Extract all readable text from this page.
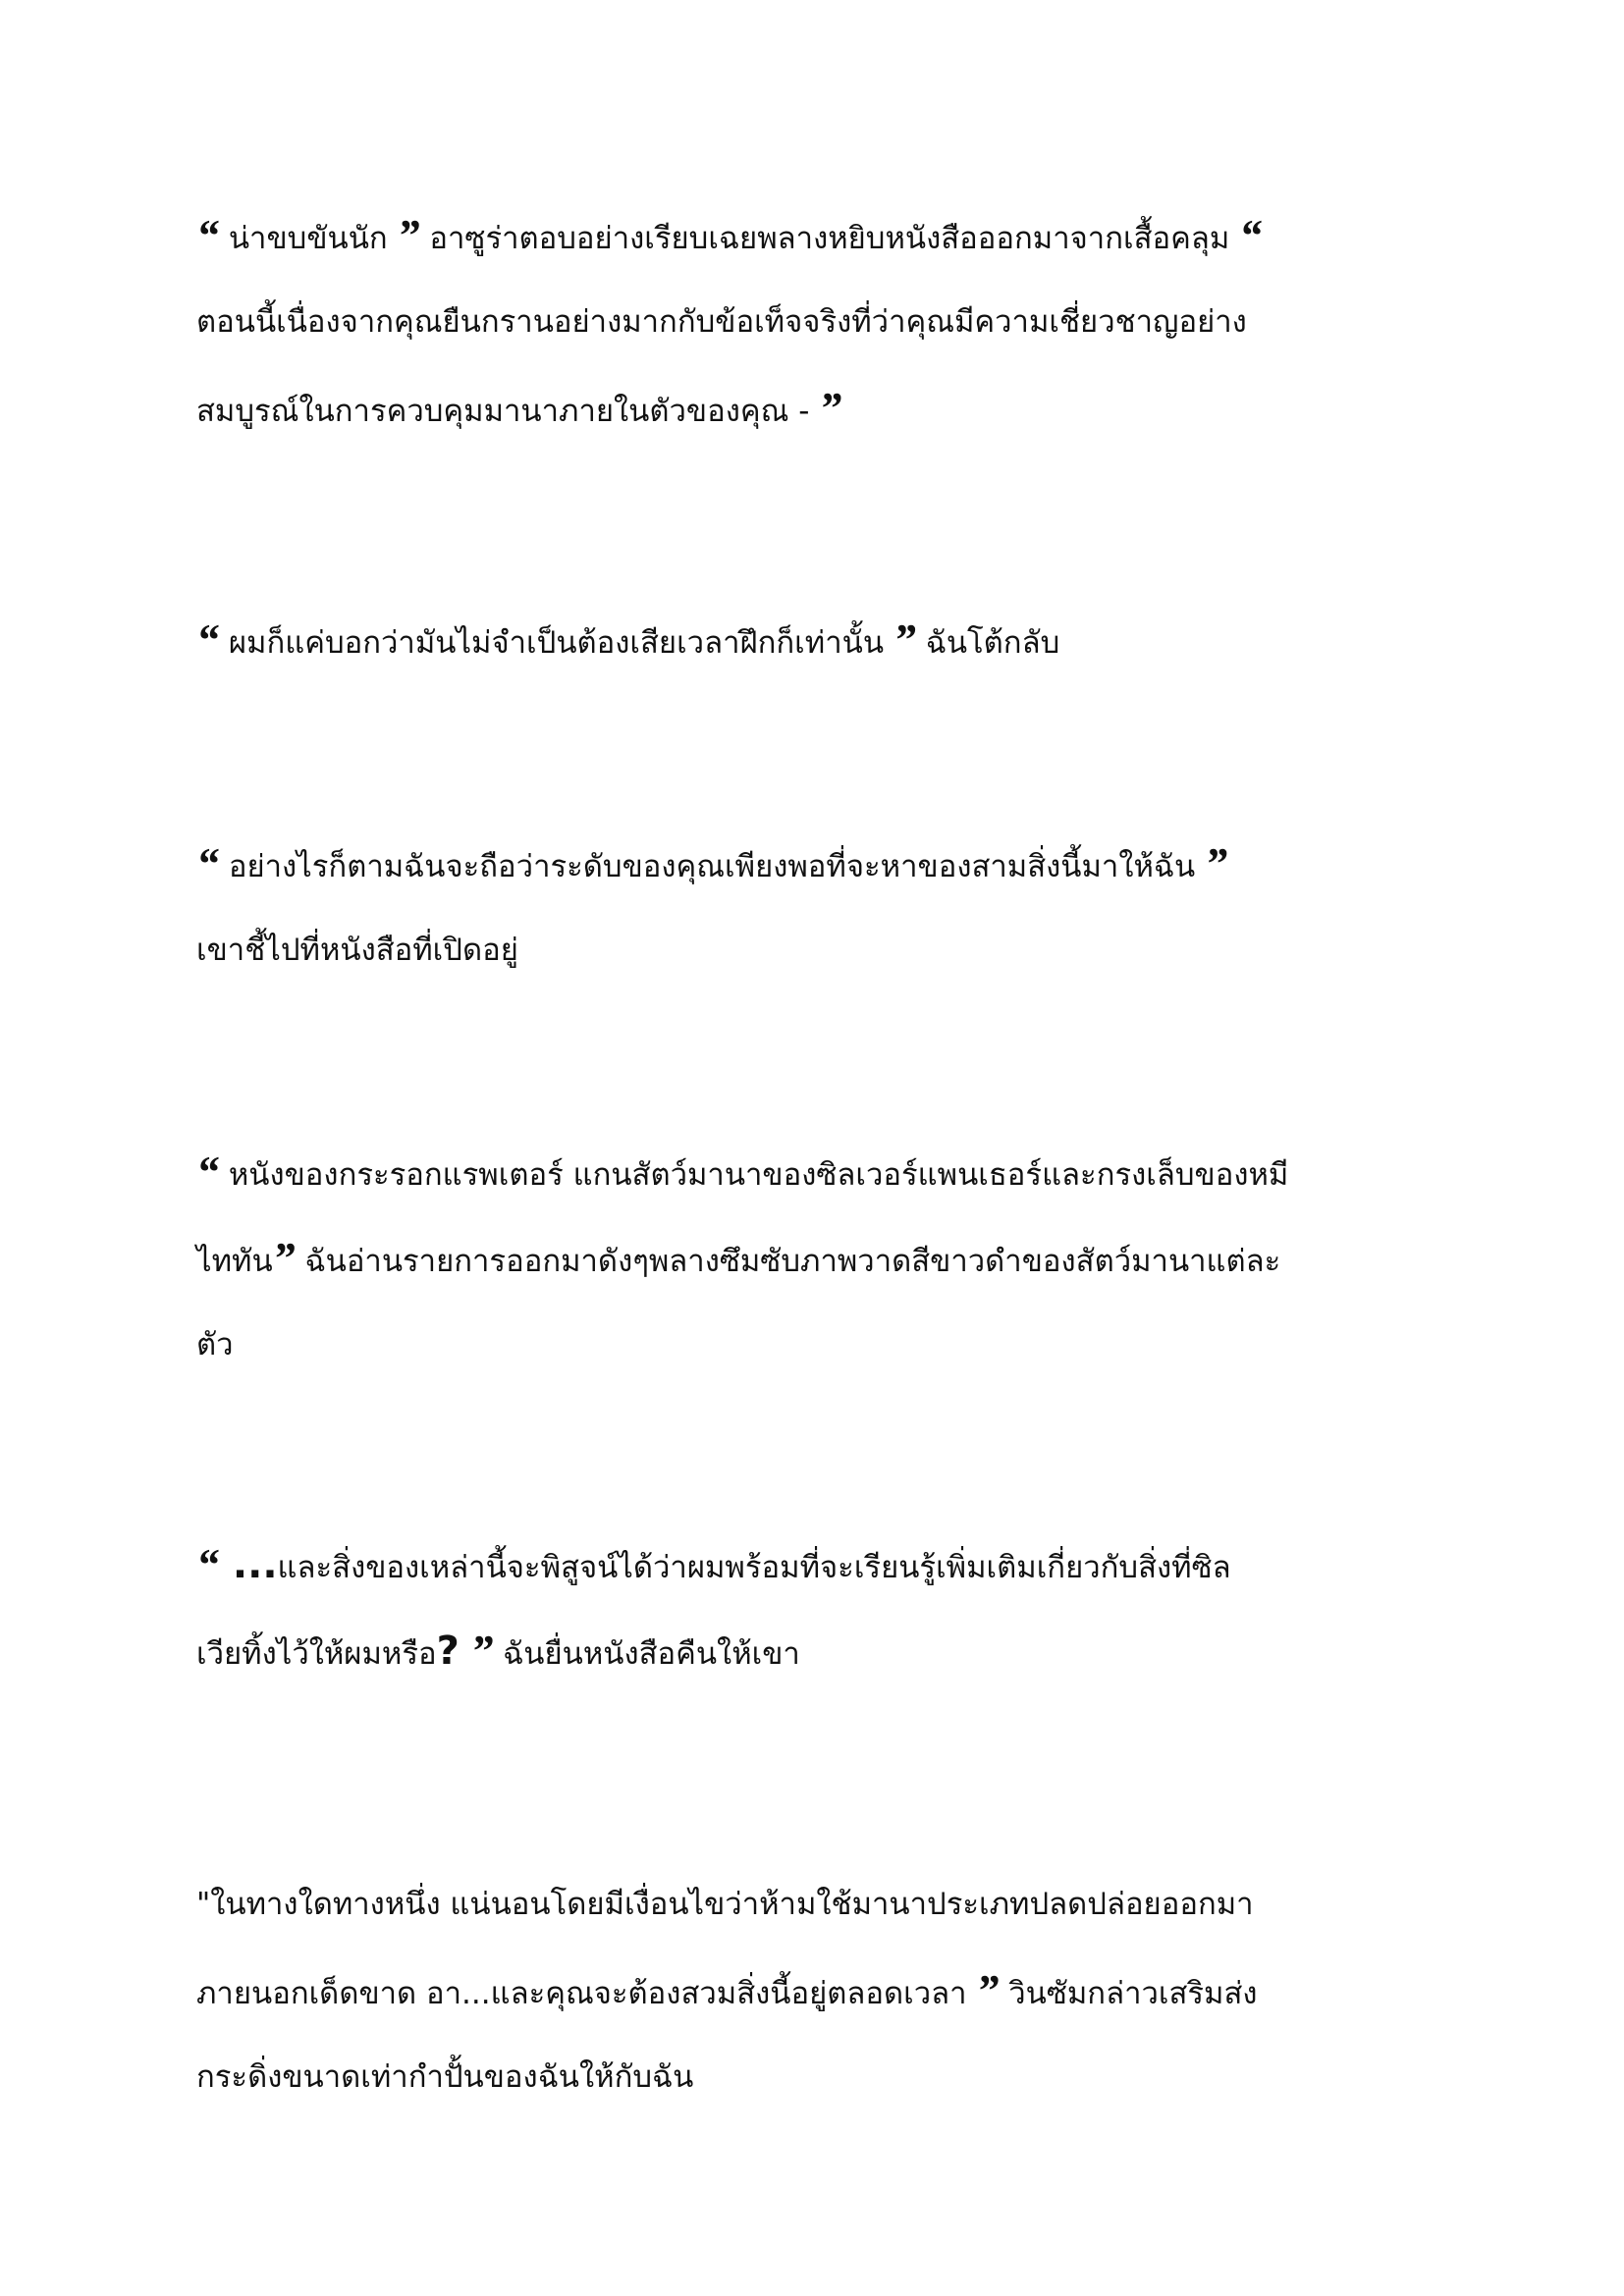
“ น่าขบขันนัก ” อาซูร่าตอบอย่างเรียบเฉยพลางหยิบหนังสือออกมาจากเสื้อคลุม “
ตอนนี้เนื่องจากคุณยืนกรานอย่างมากกับข้อเท็จจริงที่ว่าคุณมีความเชี่ยวชาญอย่าง
สมบูรณ์ในการควบคุมมานาภายในตัวของคุณ - ”

“ ผมก็แค่บอกว่ามันไม่จำเป็นต้องเสียเวลาฝึกก็เท่านั้น ” ฉันโต้กลับ

“ อย่างไรก็ตามฉันจะถือว่าระดับของคุณเพียงพอที่จะหาของสามสิ่งนี้มาให้ฉัน ”
เขาชี้ไปที่หนังสือที่เปิดอยู่

“ หนังของกระรอกแรพเตอร์ แกนสัตว์มานาของซิลเวอร์แพนเธอร์และกรงเล็บของหมี
ไททัน” ฉันอ่านรายการออกมาดังๆพลางซึมซับภาพวาดสีขาวดำของสัตว์มานาแต่ละ
ตัว

“ ...และสิ่งของเหล่านี้จะพิสูจน์ได้ว่าผมพร้อมที่จะเรียนรู้เพิ่มเติมเกี่ยวกับสิ่งที่ซิล
เวียทิ้งไว้ให้ผมหรือ? ” ฉันยื่นหนังสือคืนให้เขา

"ในทางใดทางหนึ่ง แน่นอนโดยมีเงื่อนไขว่าห้ามใช้มานาประเภทปลดปล่อยออกมา
ภายนอกเด็ดขาด อา...และคุณจะต้องสวมสิ่งนี้อยู่ตลอดเวลา ” วินซัมกล่าวเสริมส่ง
กระดิ่งขนาดเท่ากำปั้นของฉันให้กับฉัน
